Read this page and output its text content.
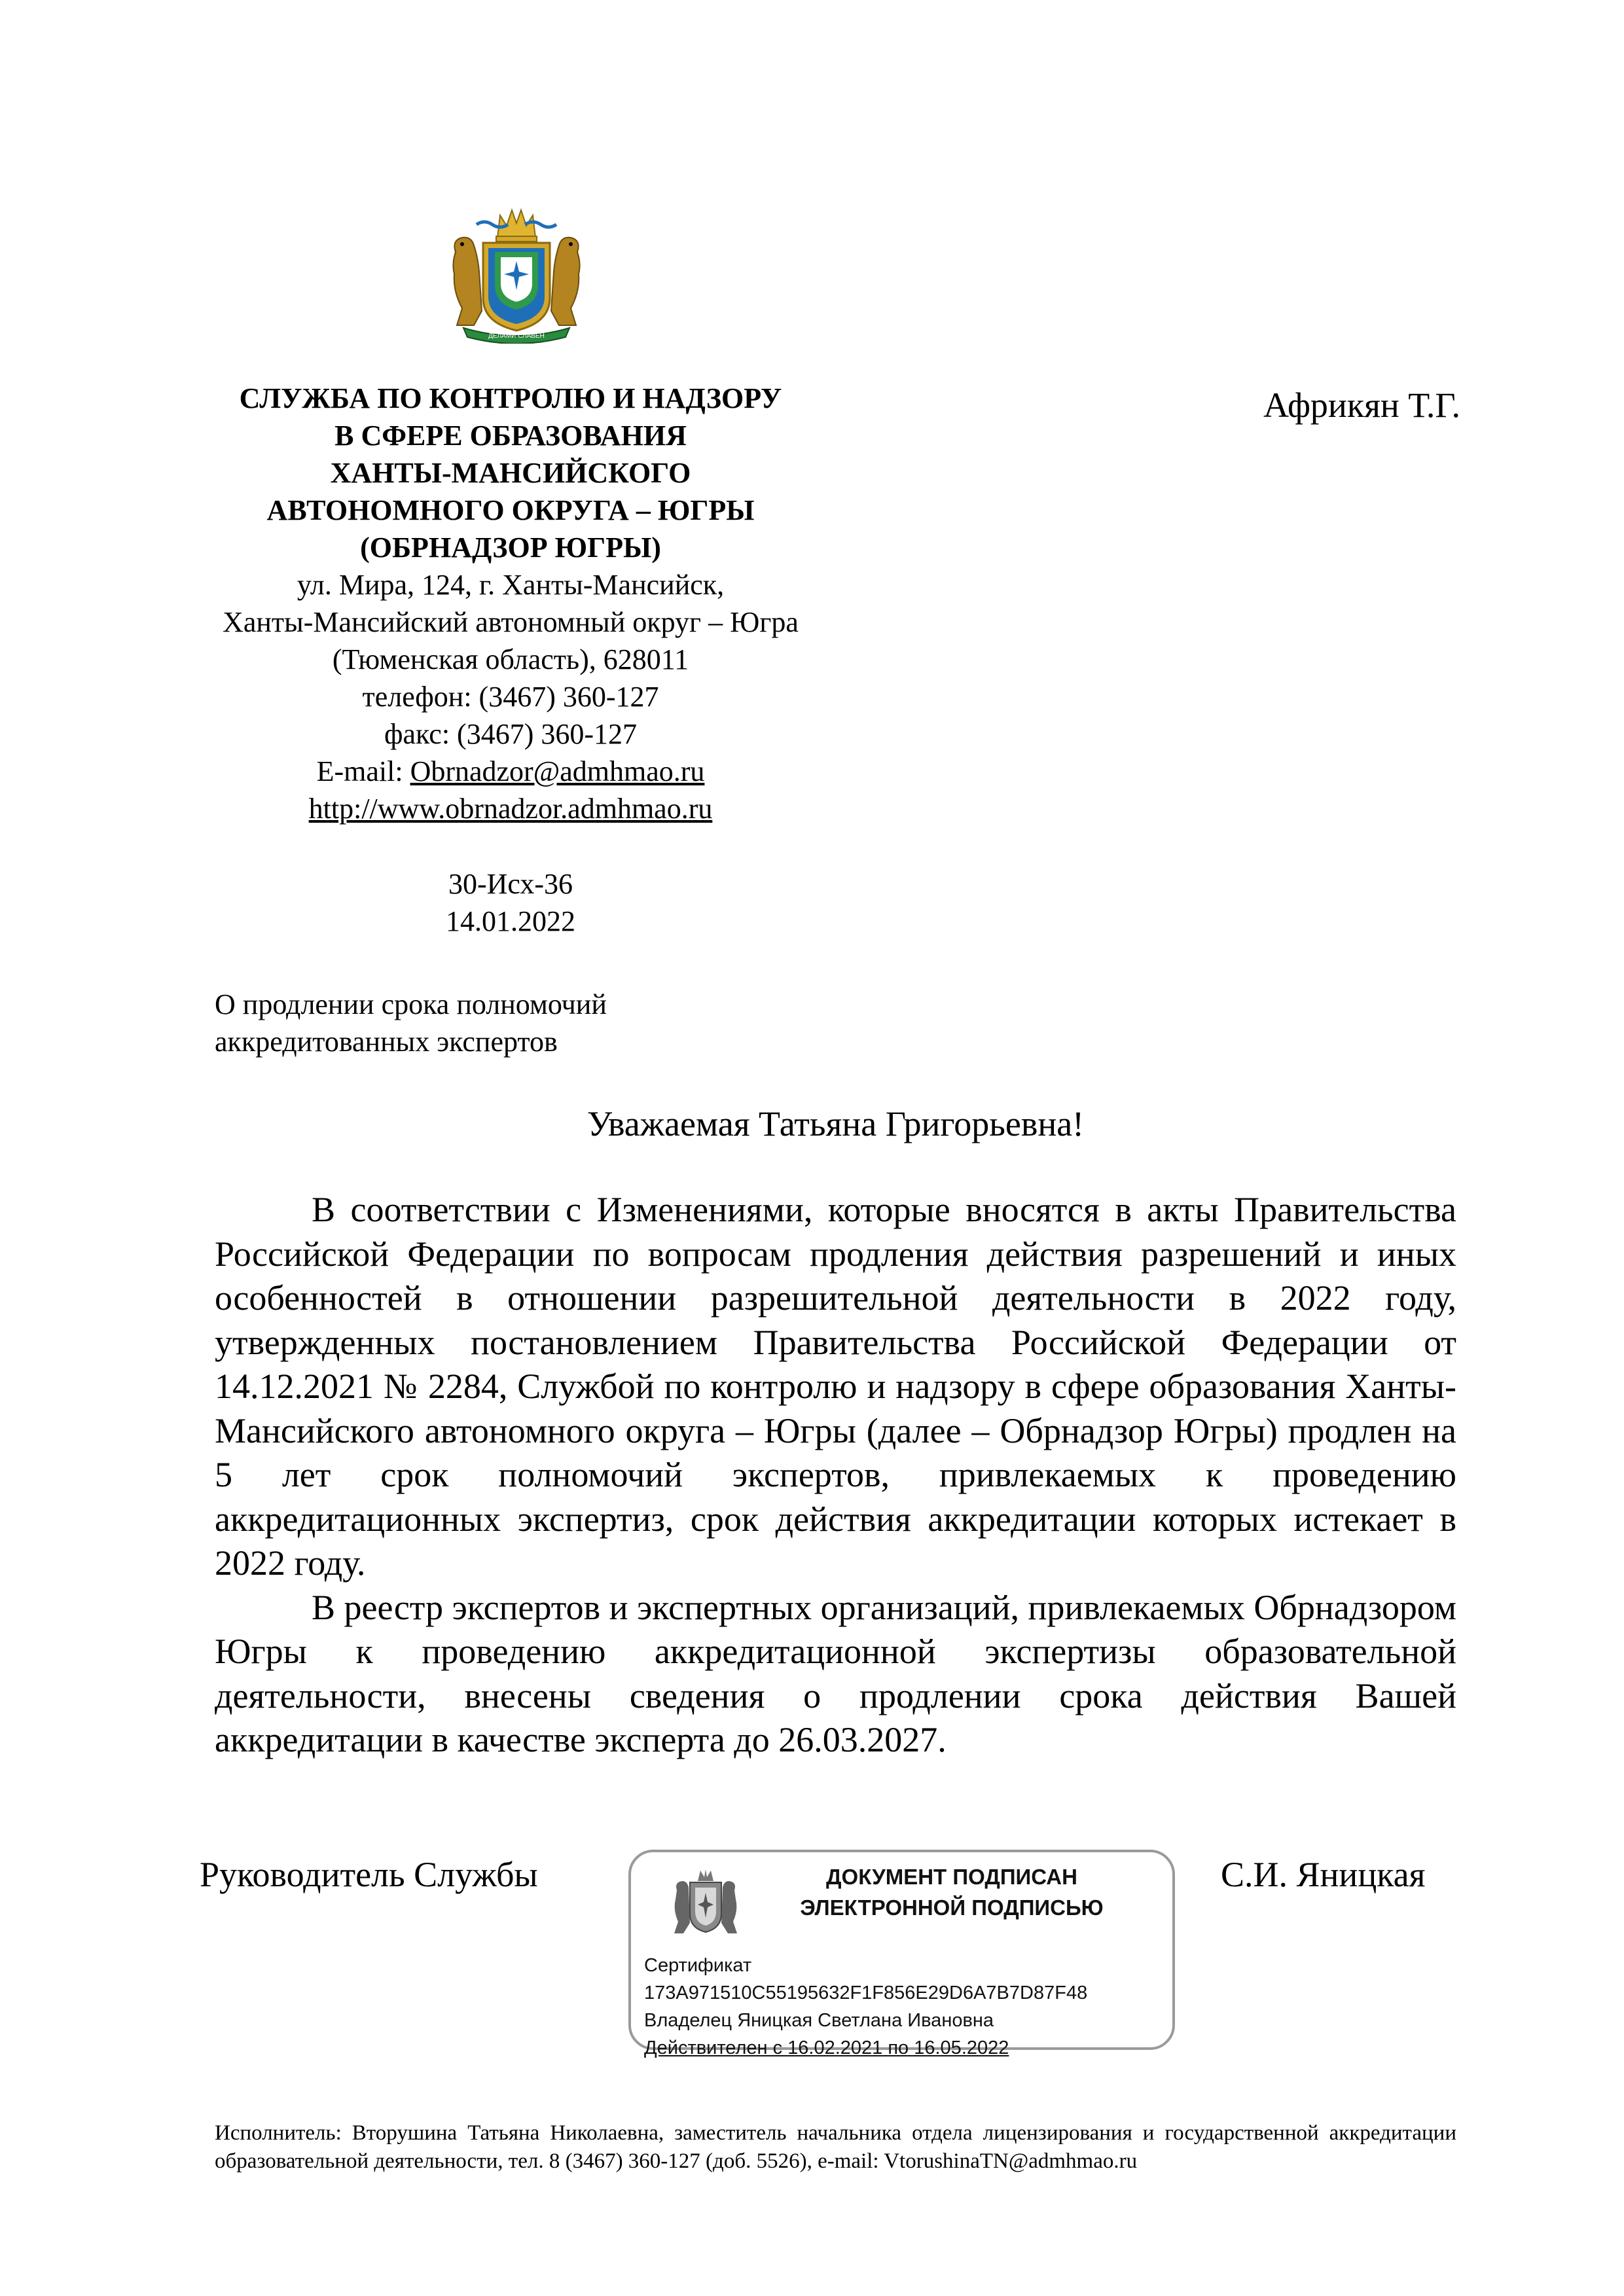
ДЕЛАМИ СЛАВЕН
СЛУЖБА ПО КОНТРОЛЮ И НАДЗОРУ
В СФЕРЕ ОБРАЗОВАНИЯ
ХАНТЫ-МАНСИЙСКОГО
АВТОНОМНОГО ОКРУГА – ЮГРЫ
(ОБРНАДЗОР ЮГРЫ)
ул. Мира, 124, г. Ханты-Мансийск,
Ханты-Мансийский автономный округ – Югра
(Тюменская область), 628011
телефон: (3467) 360-127
факс: (3467) 360-127
E-mail: Obrnadzor@admhmao.ru
http://www.obrnadzor.admhmao.ru
Африкян Т.Г.
30-Исх-36
14.01.2022
О продлении срока полномочий
аккредитованных экспертов
Уважаемая Татьяна Григорьевна!

В соответствии с Изменениями, которые вносятся в акты Правительства Российской Федерации по вопросам продления действия разрешений и иных особенностей в отношении разрешительной деятельности в 2022 году, утвержденных постановлением Правительства Российской Федерации от 14.12.2021 № 2284, Службой по контролю и надзору в сфере образования Ханты-Мансийского автономного округа – Югры (далее – Обрнадзор Югры) продлен на 5 лет срок полномочий экспертов, привлекаемых к проведению аккредитационных экспертиз, срок действия аккредитации которых истекает в 2022 году.

В реестр экспертов и экспертных организаций, привлекаемых Обрнадзором Югры к проведению аккредитационной экспертизы образовательной деятельности, внесены сведения о продлении срока действия Вашей аккредитации в качестве эксперта до 26.03.2027.

Руководитель Службы	ДОКУМЕНТ ПОДПИСАН
ЭЛЕКТРОННОЙ ПОДПИСЬЮ
Сертификат
173A971510C55195632F1F856E29D6A7B7D87F48
Владелец Яницкая Светлана Ивановна
Действителен с 16.02.2021 по 16.05.2022
С.И. Яницкая
Исполнитель: Вторушина Татьяна Николаевна, заместитель начальника отдела лицензирования и государственной аккредитации образовательной деятельности, тел. 8 (3467) 360-127 (доб. 5526), e-mail: VtorushinaTN@admhmao.ru
